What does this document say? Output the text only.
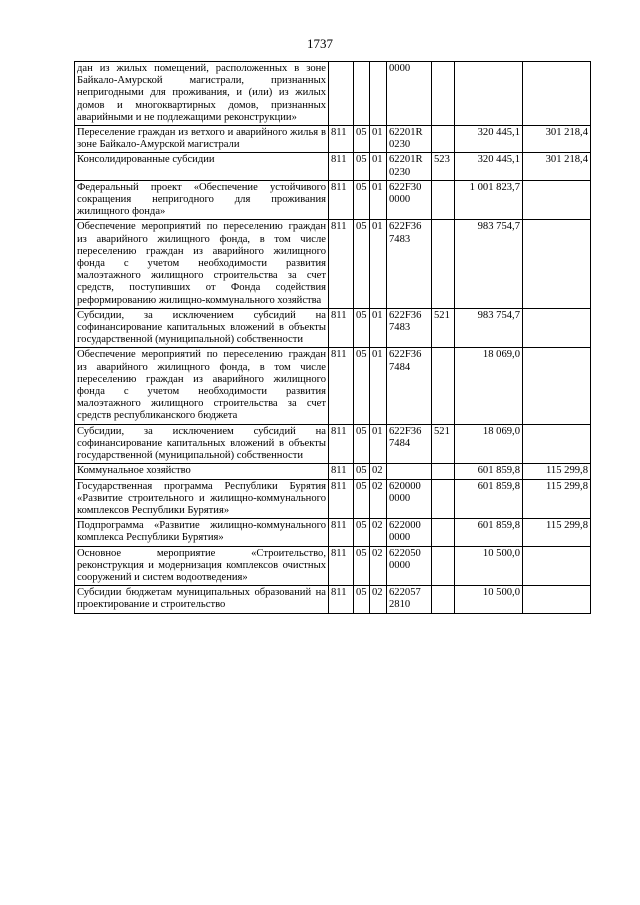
1737
дан из жилых помещений, расположенных в зоне Байкало-Амурской магистрали, признанных непригодными для проживания, и (или) из жилых домов и многоквартирных домов, признанных аварийными и не подлежащими реконструкции»				0000			
Переселение граждан из ветхого и аварийного жилья в зоне Байкало-Амурской магистрали	811	05	01	62201R 0230		320 445,1	301 218,4
Консолидированные субсидии	811	05	01	62201R 0230	523	320 445,1	301 218,4
Федеральный проект «Обеспечение устойчивого сокращения непригодного для проживания жилищного фонда»	811	05	01	622F30 0000		1 001 823,7	
Обеспечение мероприятий по переселению граждан из аварийного жилищного фонда, в том числе переселению граждан из аварийного жилищного фонда с учетом необходимости развития малоэтажного жилищного строительства за счет средств, поступивших от Фонда содействия реформированию жилищно-коммунального хозяйства	811	05	01	622F36 7483		983 754,7	
Субсидии, за исключением субсидий на софинансирование капитальных вложений в объекты государственной (муниципальной) собственности	811	05	01	622F36 7483	521	983 754,7	
Обеспечение мероприятий по переселению граждан из аварийного жилищного фонда, в том числе переселению граждан из аварийного жилищного фонда с учетом необходимости развития малоэтажного жилищного строительства за счет средств республиканского бюджета	811	05	01	622F36 7484		18 069,0	
Субсидии, за исключением субсидий на софинансирование капитальных вложений в объекты государственной (муниципальной) собственности	811	05	01	622F36 7484	521	18 069,0	
Коммунальное хозяйство	811	05	02			601 859,8	115 299,8
Государственная программа Республики Бурятия «Развитие строительного и жилищно-коммунального комплексов Республики Бурятия»	811	05	02	620000 0000		601 859,8	115 299,8
Подпрограмма «Развитие жилищно-коммунального комплекса Республики Бурятия»	811	05	02	622000 0000		601 859,8	115 299,8
Основное мероприятие «Строительство, реконструкция и модернизация комплексов очистных сооружений и систем водоотведения»	811	05	02	622050 0000		10 500,0	
Субсидии бюджетам муниципальных образований на проектирование и строительство	811	05	02	622057 2810		10 500,0	
